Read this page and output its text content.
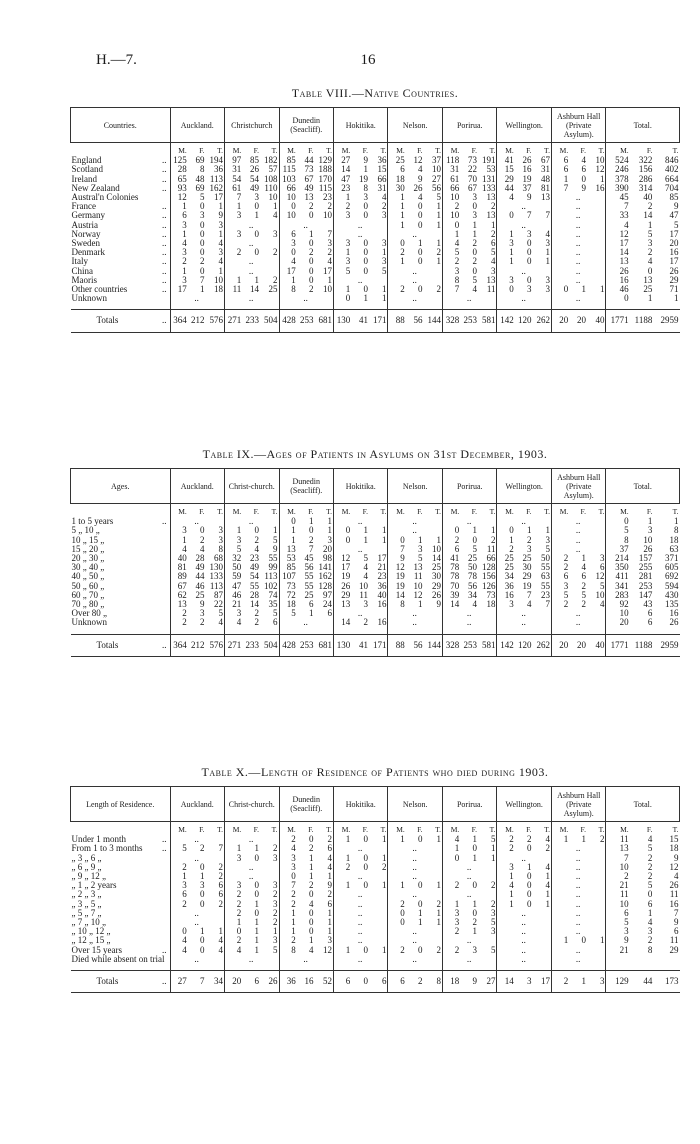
H.—7.	16
Table VIII.—Native Countries.
Countries.	Auckland.			Christchurch			Dunedin (Seacliff).			Hokitika.			Nelson.			Porirua.			Wellington.			Ashburn Hall (Private Asylum).			Total.		
	M.	F.	T.	M.	F.	T.	M.	F.	T.	M.	F.	T.	M.	F.	T.	M.	F.	T.	M.	F.	T.	M.	F.	T.	M.	F.	T.
England ..	125	69	194	97	85	182	85	44	129	27	9	36	25	12	37	118	73	191	41	26	67	6	4	10	524	322	846
Scotland ..	28	8	36	31	26	57	115	73	188	14	1	15	6	4	10	31	22	53	15	16	31	6	6	12	246	156	402
Ireland ..	65	48	113	54	54	108	103	67	170	47	19	66	18	9	27	61	70	131	29	19	48	1	0	1	378	286	664
New Zealand ..	93	69	162	61	49	110	66	49	115	23	8	31	30	26	56	66	67	133	44	37	81	7	9	16	390	314	704
Austral'n Colonies	12	5	17	7	3	10	10	13	23	1	3	4	1	4	5	10	3	13	4	9	13		..		45	40	85
France ..	1	0	1	1	0	1	0	2	2	2	0	2	1	0	1	2	0	2		..			..		7	2	9
Germany ..	6	3	9	3	1	4	10	0	10	3	0	3	1	0	1	10	3	13	0	7	7		..		33	14	47
Austria ..	3	0	3		..			..			..		1	0	1	0	1	1		..			..		4	1	5
Norway ..	1	0	1	3	0	3	6	1	7		..			..		1	1	2	1	3	4		..		12	5	17
Sweden ..	4	0	4		..		3	0	3	3	0	3	0	1	1	4	2	6	3	0	3		..		17	3	20
Denmark ..	3	0	3	2	0	2	0	2	2	1	0	1	2	0	2	5	0	5	1	0	1		..		14	2	16
Italy ..	2	2	4		..		4	0	4	3	0	3	1	0	1	2	2	4	1	0	1		..		13	4	17
China ..	1	0	1		..		17	0	17	5	0	5		..		3	0	3		..			..		26	0	26
Maoris ..	3	7	10	1	1	2	1	0	1		..			..		8	5	13	3	0	3		..		16	13	29
Other countries ..	17	1	18	11	14	25	8	2	10	1	0	1	2	0	2	7	4	11	0	3	3	0	1	1	46	25	71
Unknown		..			..			..		0	1	1		..			..			..			..		0	1	1

Totals ..	364	212	576	271	233	504	428	253	681	130	41	171	88	56	144	328	253	581	142	120	262	20	20	40	1771	1188	2959
Table IX.—Ages of Patients in Asylums on 31st December, 1903.
Ages.	Auckland.			Christ-church.			Dunedin (Seacliff).			Hokitika.			Nelson.			Porirua.			Wellington.			Ashburn Hall (Private Asylum).			Total.		
	M.	F.	T.	M.	F.	T.	M.	F.	T.	M.	F.	T.	M.	F.	T.	M.	F.	T.	M.	F.	T.	M.	F.	T.	M.	F.	T.
1 to 5 years ..		..			..		0	1	1		..			..			..			..			..		0	1	1
5 „ 10 „	3	0	3	1	0	1	1	0	1	0	1	1		..		0	1	1	0	1	1		..		5	3	8
10 „ 15 „	1	2	3	3	2	5	1	2	3	0	1	1	0	1	1	2	0	2	1	2	3		..		8	10	18
15 „ 20 „	4	4	8	5	4	9	13	7	20		..		7	3	10	6	5	11	2	3	5		..		37	26	63
20 „ 30 „	40	28	68	32	23	55	53	45	98	12	5	17	9	5	14	41	25	66	25	25	50	2	1	3	214	157	371
30 „ 40 „	81	49	130	50	49	99	85	56	141	17	4	21	12	13	25	78	50	128	25	30	55	2	4	6	350	255	605
40 „ 50 „	89	44	133	59	54	113	107	55	162	19	4	23	19	11	30	78	78	156	34	29	63	6	6	12	411	281	692
50 „ 60 „	67	46	113	47	55	102	73	55	128	26	10	36	19	10	29	70	56	126	36	19	55	3	2	5	341	253	594
60 „ 70 „	62	25	87	46	28	74	72	25	97	29	11	40	14	12	26	39	34	73	16	7	23	5	5	10	283	147	430
70 „ 80 „	13	9	22	21	14	35	18	6	24	13	3	16	8	1	9	14	4	18	3	4	7	2	2	4	92	43	135
Over 80 „	2	3	5	3	2	5	5	1	6		..			..			..			..			..		10	6	16
Unknown	2	2	4	4	2	6		..		14	2	16		..			..			..			..		20	6	26

Totals ..	364	212	576	271	233	504	428	253	681	130	41	171	88	56	144	328	253	581	142	120	262	20	20	40	1771	1188	2959
Table X.—Length of Residence of Patients who died during 1903.
Length of Residence.	Auckland.			Christ-church.			Dunedin (Seacliff).			Hokitika.			Nelson.			Porirua.			Wellington.			Ashburn Hall (Private Asylum).			Total.		
	M.	F.	T.	M.	F.	T.	M.	F.	T.	M.	F.	T.	M.	F.	T.	M.	F.	T.	M.	F.	T.	M.	F.	T.	M.	F.	T.
Under 1 month ..		..			..		2	0	2	1	0	1	1	0	1	4	1	5	2	2	4	1	1	2	11	4	15
From 1 to 3 months ..	5	2	7	1	1	2	4	2	6		..			..		1	0	1	2	0	2		..		13	5	18
„ 3 „ 6 „		..		3	0	3	3	1	4	1	0	1		..		0	1	1		..			..		7	2	9
„ 6 „ 9 „	2	0	2		..		3	1	4	2	0	2		..			..		3	1	4		..		10	2	12
„ 9 „ 12 „	1	1	2		..		0	1	1		..			..			..		1	0	1		..		2	2	4
„ 1 „ 2 years	3	3	6	3	0	3	7	2	9	1	0	1	1	0	1	2	0	2	4	0	4		..		21	5	26
„ 2 „ 3 „	6	0	6	2	0	2	2	0	2		..			..			..		1	0	1		..		11	0	11
„ 3 „ 5 „	2	0	2	2	1	3	2	4	6		..		2	0	2	1	1	2	1	0	1		..		10	6	16
„ 5 „ 7 „		..		2	0	2	1	0	1		..		0	1	1	3	0	3		..			..		6	1	7
„ 7 „ 10 „		..		1	1	2	1	0	1		..		0	1	1	3	2	5		..			..		5	4	9
„ 10 „ 12 „	0	1	1	0	1	1	1	0	1		..			..		2	1	3		..			..		3	3	6
„ 12 „ 15 „	4	0	4	2	1	3	2	1	3		..			..			..			..		1	0	1	9	2	11
Over 15 years ..	4	0	4	4	1	5	8	4	12	1	0	1	2	0	2	2	3	5		..			..		21	8	29
Died while absent on trial		..			..			..			..			..			..			..			..				

Totals ..	27	7	34	20	6	26	36	16	52	6	0	6	6	2	8	18	9	27	14	3	17	2	1	3	129	44	173
